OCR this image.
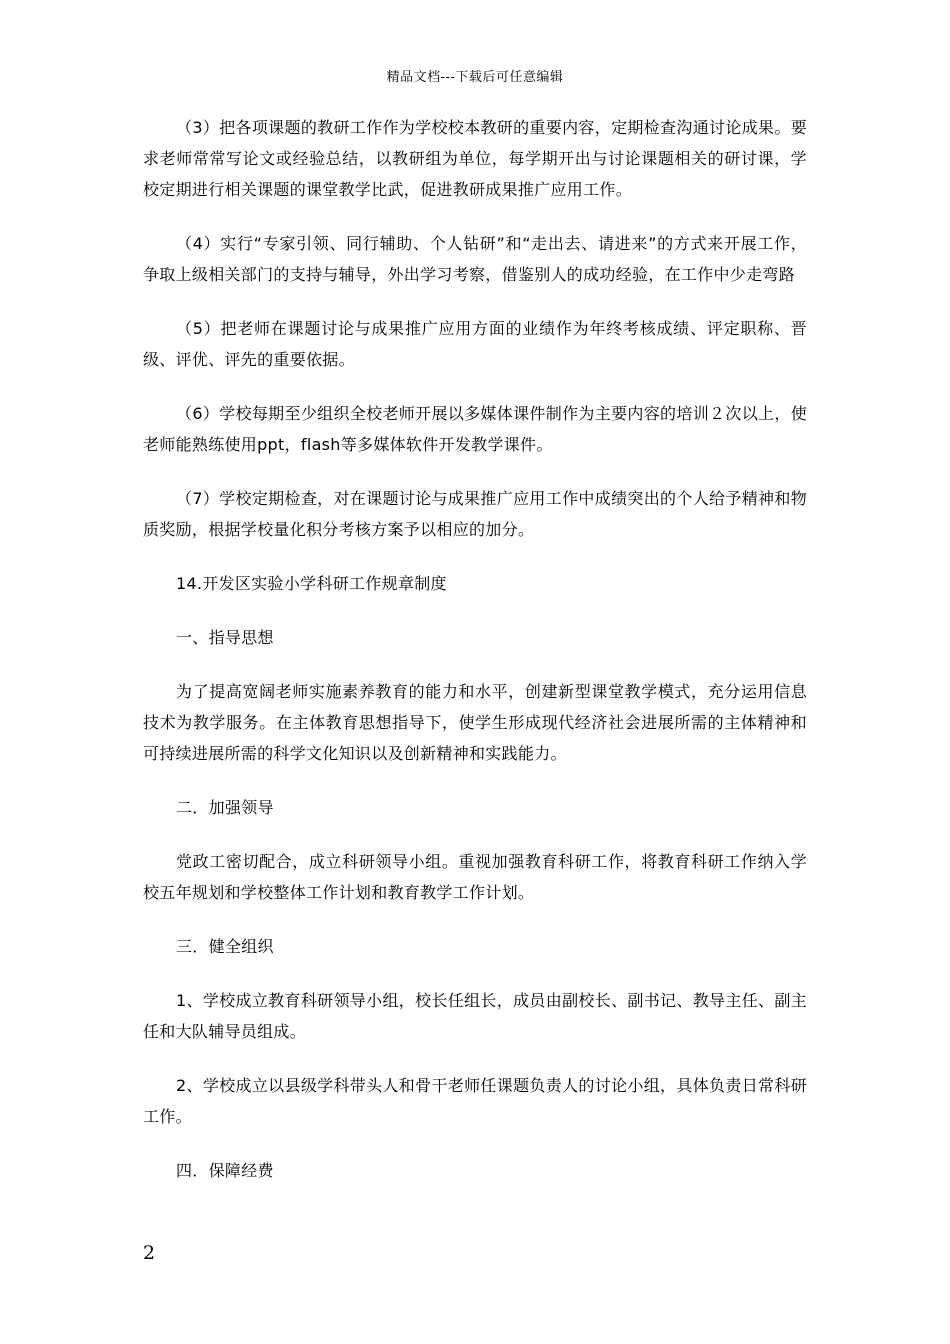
精品文档---下载后可任意编辑

（3）把各项课题的教研工作作为学校校本教研的重要内容，定期检查沟通讨论成果。要求老师常常写论文或经验总结，以教研组为单位，每学期开出与讨论课题相关的研讨课，学校定期进行相关课题的课堂教学比武，促进教研成果推广应用工作。

（4）实行“专家引领、同行辅助、个人钻研”和“走出去、请进来”的方式来开展工作，争取上级相关部门的支持与辅导，外出学习考察，借鉴别人的成功经验，在工作中少走弯路

（5）把老师在课题讨论与成果推广应用方面的业绩作为年终考核成绩、评定职称、晋级、评优、评先的重要依据。

（6）学校每期至少组织全校老师开展以多媒体课件制作为主要内容的培训２次以上，使老师能熟练使用ppt，flash等多媒体软件开发教学课件。

（7）学校定期检查，对在课题讨论与成果推广应用工作中成绩突出的个人给予精神和物质奖励，根据学校量化积分考核方案予以相应的加分。

14.开发区实验小学科研工作规章制度

一、指导思想

为了提高宽阔老师实施素养教育的能力和水平，创建新型课堂教学模式，充分运用信息技术为教学服务。在主体教育思想指导下，使学生形成现代经济社会进展所需的主体精神和可持续进展所需的科学文化知识以及创新精神和实践能力。

二．加强领导

党政工密切配合，成立科研领导小组。重视加强教育科研工作，将教育科研工作纳入学校五年规划和学校整体工作计划和教育教学工作计划。

三．健全组织

1、学校成立教育科研领导小组，校长任组长，成员由副校长、副书记、教导主任、副主任和大队辅导员组成。

2、学校成立以县级学科带头人和骨干老师任课题负责人的讨论小组，具体负责日常科研工作。

四．保障经费

2
